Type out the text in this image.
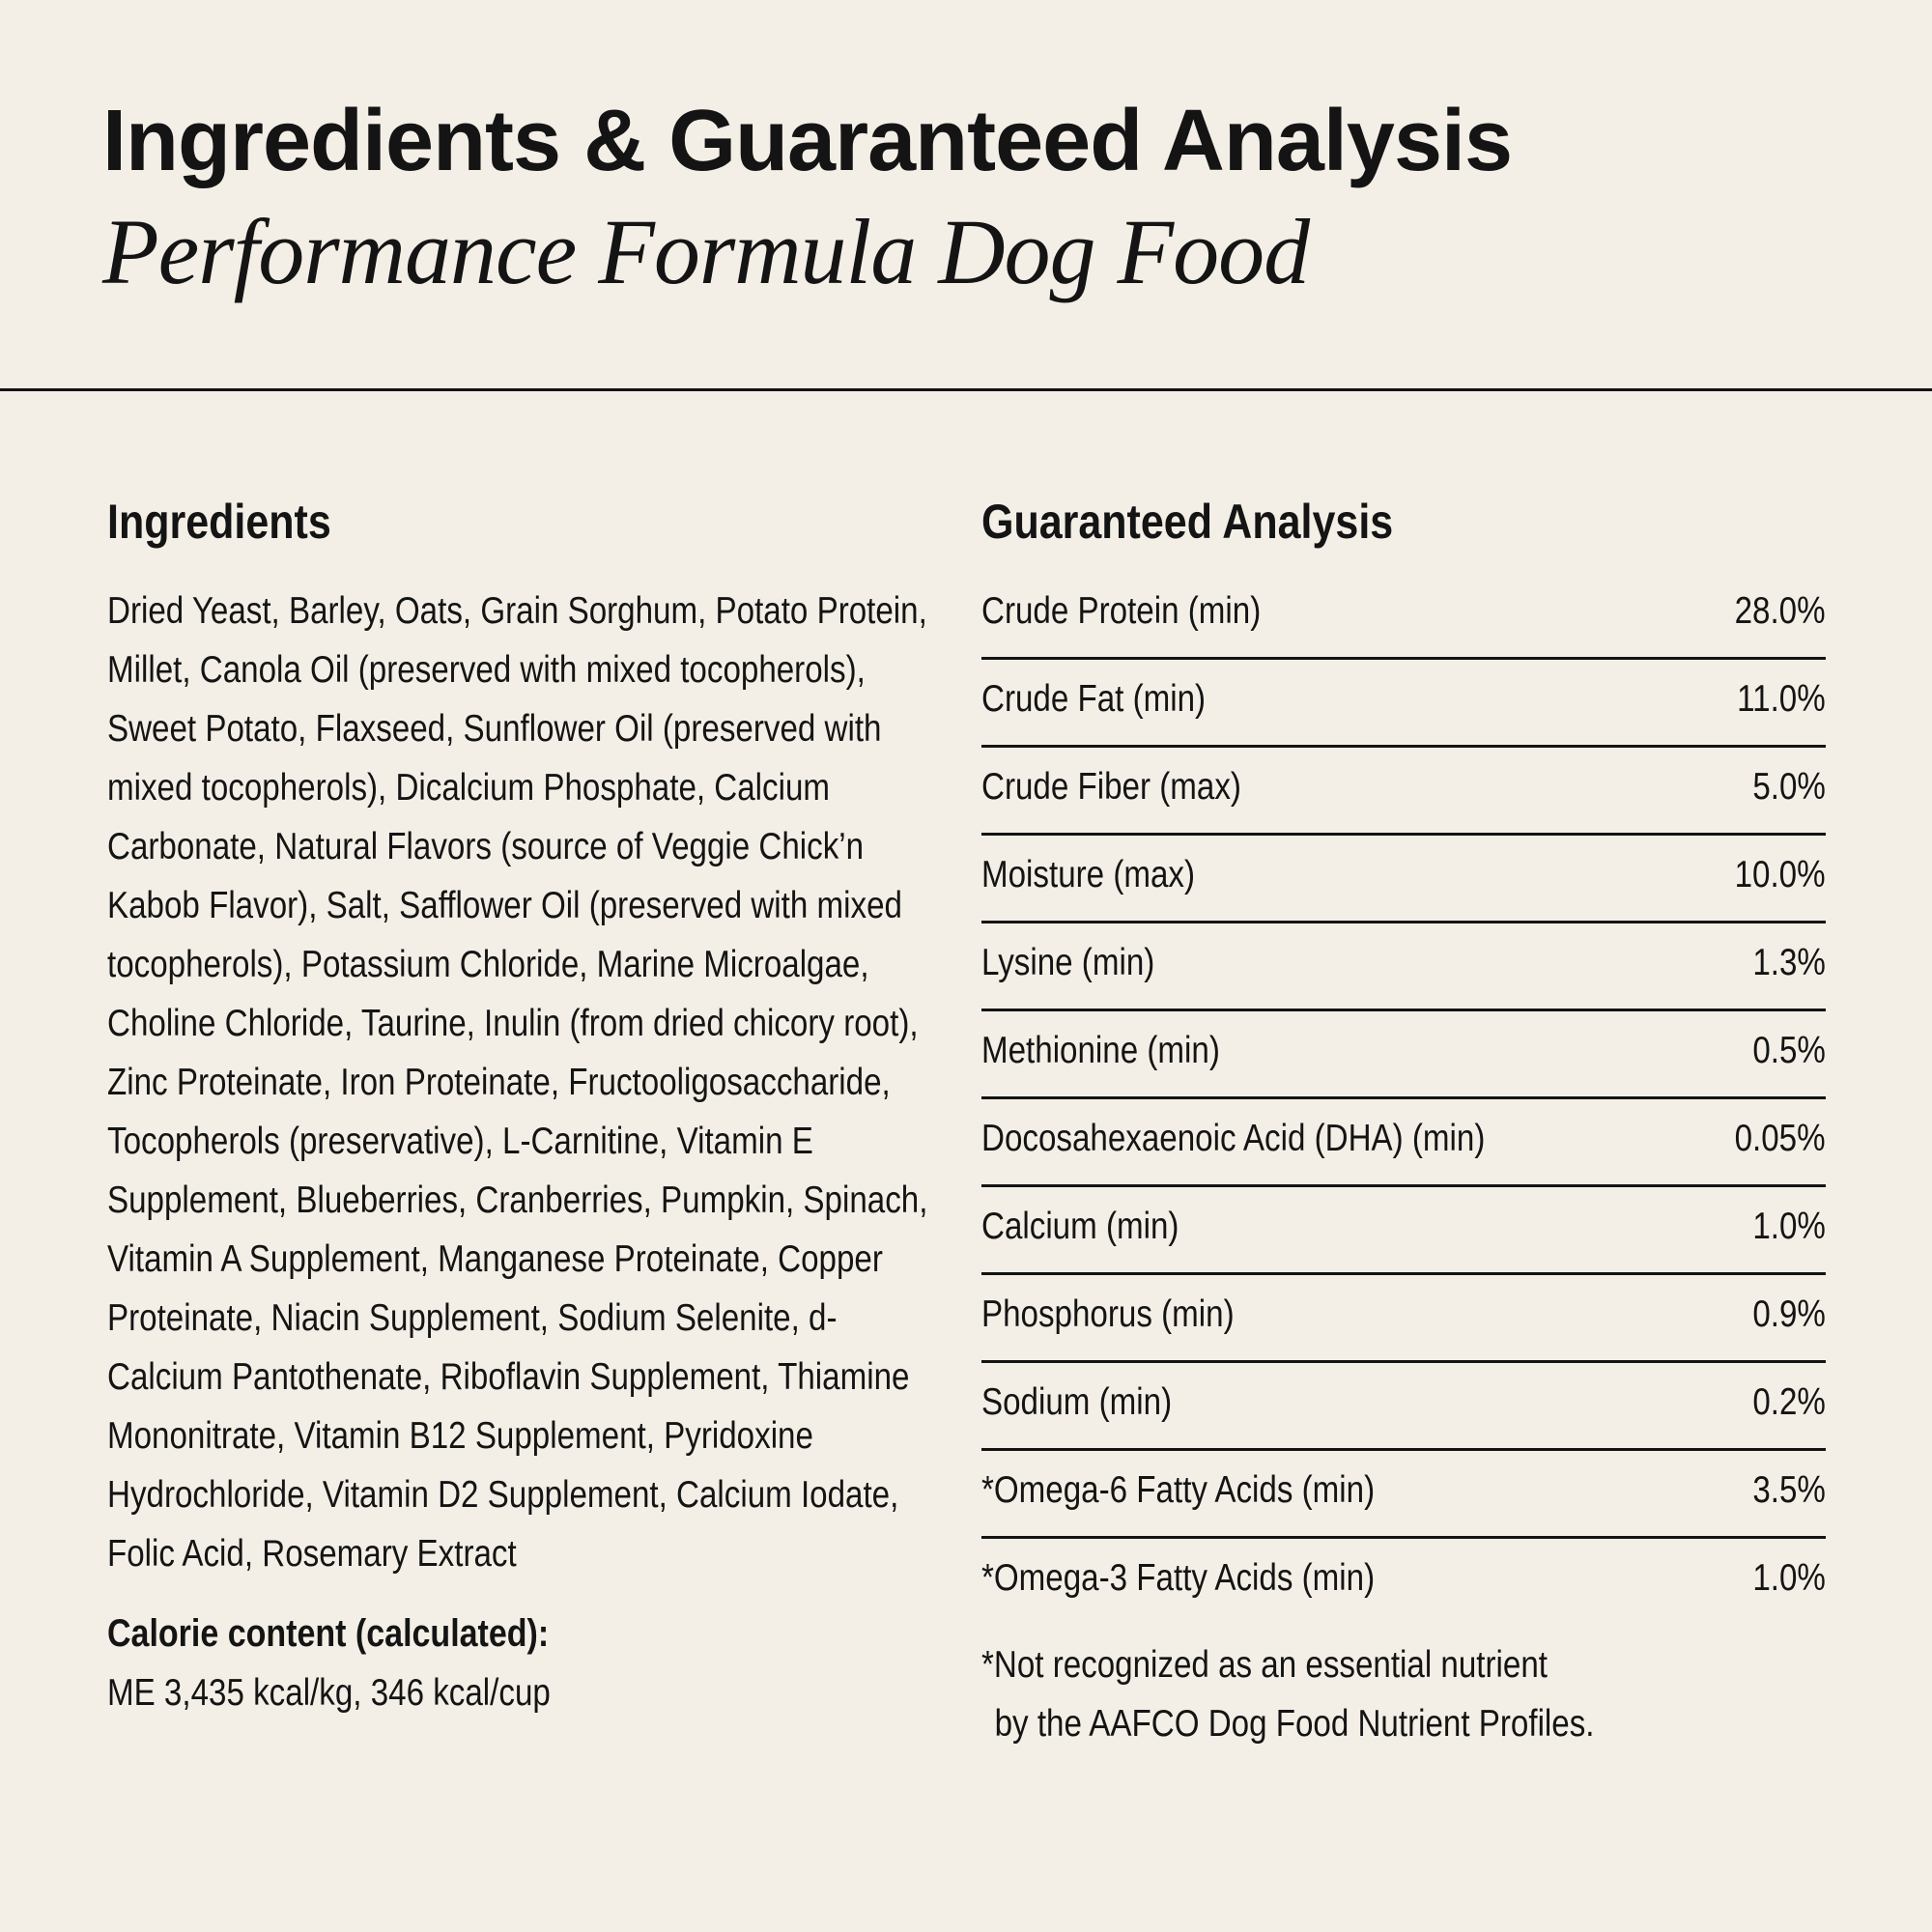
Ingredients & Guaranteed Analysis
Performance Formula Dog Food
Ingredients

Dried Yeast, Barley, Oats, Grain Sorghum, Potato Protein, Millet, Canola Oil (preserved with mixed tocopherols), Sweet Potato, Flaxseed, Sunflower Oil (preserved with mixed tocopherols), Dicalcium Phosphate, Calcium Carbonate, Natural Flavors (source of Veggie Chick’n Kabob Flavor), Salt, Safflower Oil (preserved with mixed tocopherols), Potassium Chloride, Marine Microalgae, Choline Chloride, Taurine, Inulin (from dried chicory root), Zinc Proteinate, Iron Proteinate, Fructooligosaccharide, Tocopherols (preservative), L-Carnitine, Vitamin E Supplement, Blueberries, Cranberries, Pumpkin, Spinach, Vitamin A Supplement, Manganese Proteinate, Copper Proteinate, Niacin Supplement, Sodium Selenite, d-Calcium Pantothenate, Riboflavin Supplement, Thiamine Mononitrate, Vitamin B12 Supplement, Pyridoxine Hydrochloride, Vitamin D2 Supplement, Calcium Iodate, Folic Acid, Rosemary Extract

Calorie content (calculated):

ME 3,435 kcal/kg, 346 kcal/cup

Guaranteed Analysis
Crude Protein (min)	28.0%
Crude Fat (min)	11.0%
Crude Fiber (max)	5.0%
Moisture (max)	10.0%
Lysine (min)	1.3%
Methionine (min)	0.5%
Docosahexaenoic Acid (DHA) (min)	0.05%
Calcium (min)	1.0%
Phosphorus (min)	0.9%
Sodium (min)	0.2%
*Omega-6 Fatty Acids (min)	3.5%
*Omega-3 Fatty Acids (min)	1.0%

*Not recognized as an essential nutrient
by the AAFCO Dog Food Nutrient Profiles.
